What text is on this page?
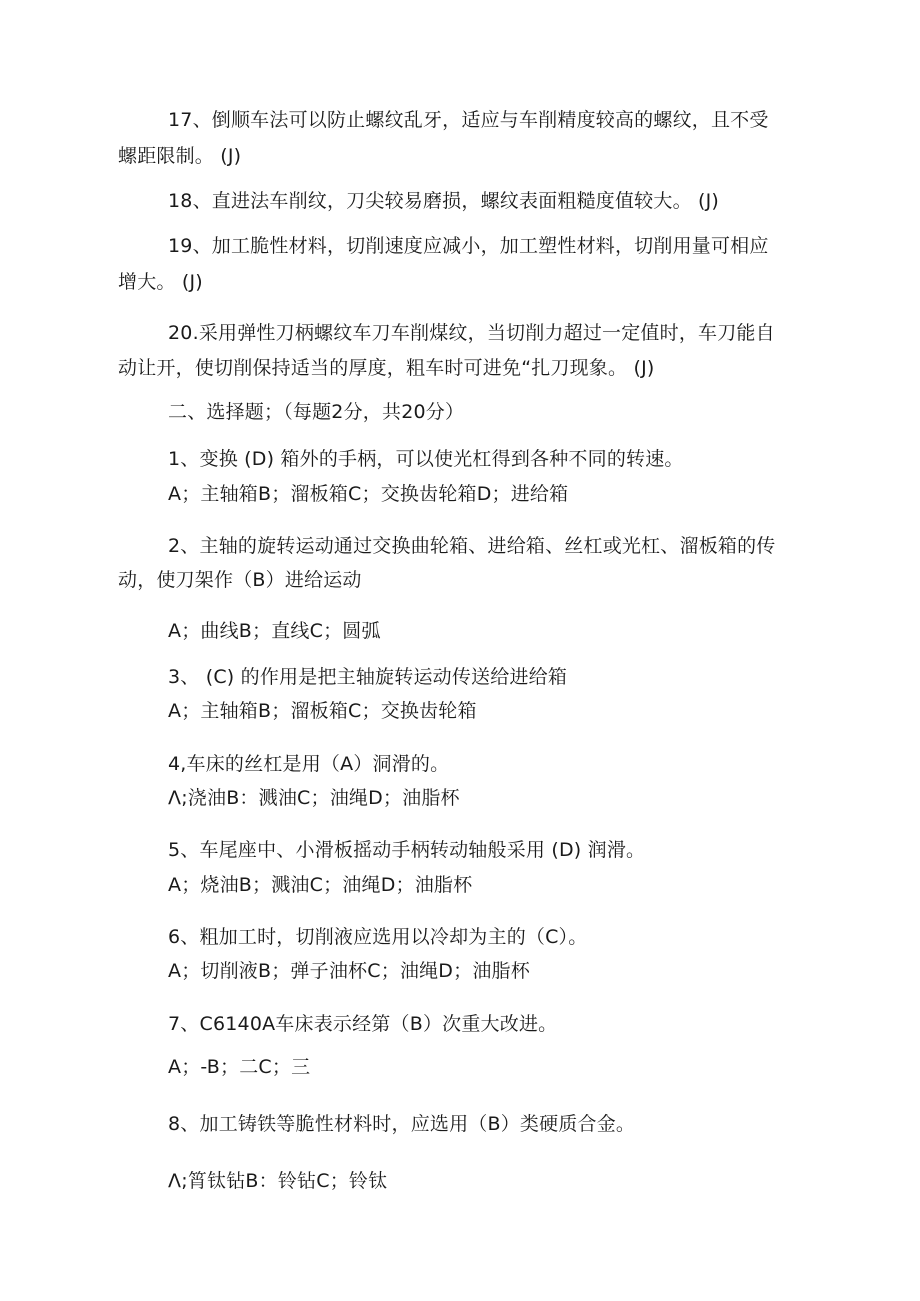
17、倒顺车法可以防止螺纹乱牙，适应与车削精度较高的螺纹，且不受
螺距限制。 (J)
18、直进法车削纹，刀尖较易磨损，螺纹表面粗糙度值较大。 (J)
19、加工脆性材料，切削速度应减小，加工塑性材料，切削用量可相应
增大。 (J)
20.采用弹性刀柄螺纹车刀车削煤纹，当切削力超过一定值时，车刀能自
动让开，使切削保持适当的厚度，粗车时可进免“扎刀现象。 (J)
二、选择题；（每题2分，共20分）
1、变换 (D) 箱外的手柄，可以使光杠得到各种不同的转速。
A；主轴箱B；溜板箱C；交换齿轮箱D；进给箱
2、主轴的旋转运动通过交换曲轮箱、进给箱、丝杠或光杠、溜板箱的传
动，使刀架作（B）进给运动
A；曲线B；直线C；圆弧
3、 (C) 的作用是把主轴旋转运动传送给进给箱
A；主轴箱B；溜板箱C；交换齿轮箱
4,车床的丝杠是用（A）洞滑的。
Λ;浇油B：溅油C；油绳D；油脂杯
5、车尾座中、小滑板摇动手柄转动轴般采用 (D) 润滑。
A；烧油B；溅油C；油绳D；油脂杯
6、粗加工时，切削液应选用以冷却为主的（C）。
A；切削液B；弹子油杯C；油绳D；油脂杯
7、C6140A车床表示经第（B）次重大改进。
A；-B；二C；三
8、加工铸铁等脆性材料时，应选用（B）类硬质合金。
Λ;筲钛钻B：铃钻C；铃钛
